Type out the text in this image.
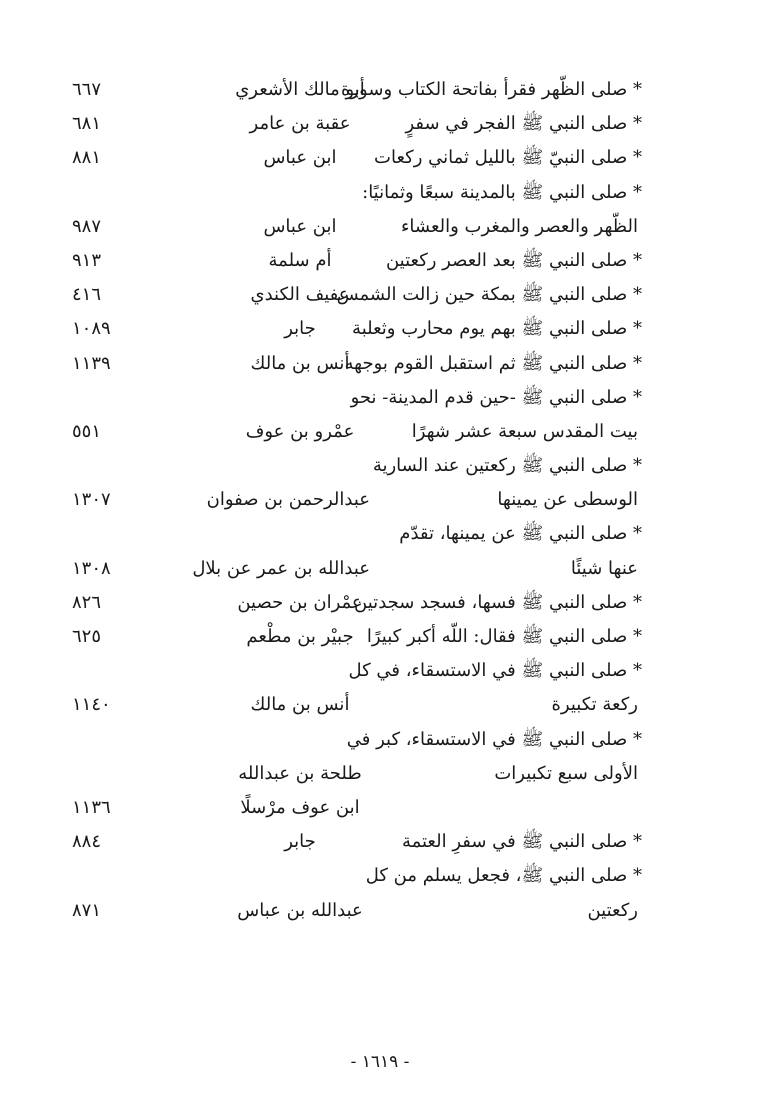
* صلى الظّهر فقرأ بفاتحة الكتاب وسورة
أبو مالك الأشعري
٦٦٧
* صلى النبي ﷺ الفجر في سفرٍ
عقبة بن عامر
٦٨١
* صلى النبيّ ﷺ بالليل ثماني ركعات
ابن عباس
٨٨١
* صلى النبي ﷺ بالمدينة سبعًا وثمانيًا:
الظّهر والعصر والمغرب والعشاء
ابن عباس
٩٨٧
* صلى النبي ﷺ بعد العصر ركعتين
أم سلمة
٩١٣
* صلى النبي ﷺ بمكة حين زالت الشمس
عفيف الكندي
٤١٦
* صلى النبي ﷺ بهم يوم محارب وثعلبة
جابر
١٠٨٩
* صلى النبي ﷺ ثم استقبل القوم بوجهه
أنس بن مالك
١١٣٩
* صلى النبي ﷺ -حين قدم المدينة- نحو
بيت المقدس سبعة عشر شهرًا
عمْرو بن عوف
٥٥١
* صلى النبي ﷺ ركعتين عند السارية
الوسطى عن يمينها
عبدالرحمن بن صفوان
١٣٠٧
* صلى النبي ﷺ عن يمينها، تقدّم
عنها شيئًا
عبدالله بن عمر عن بلال
١٣٠٨
* صلى النبي ﷺ فسها، فسجد سجدتين
عمْران بن حصين
٨٢٦
* صلى النبي ﷺ فقال: اللّه أكبر كبيرًا
جبيْر بن مطْعم
٦٢٥
* صلى النبي ﷺ في الاستسقاء، في كل
ركعة تكبيرة
أنس بن مالك
١١٤٠
* صلى النبي ﷺ في الاستسقاء، كبر في
الأولى سبع تكبيرات
طلحة بن عبدالله
ابن عوف مرْسلًا
١١٣٦
* صلى النبي ﷺ في سفرِ العتمة
جابر
٨٨٤
* صلى النبي ﷺ، فجعل يسلم من كل
ركعتين
عبدالله بن عباس
٨٧١
- ١٦١٩ -
